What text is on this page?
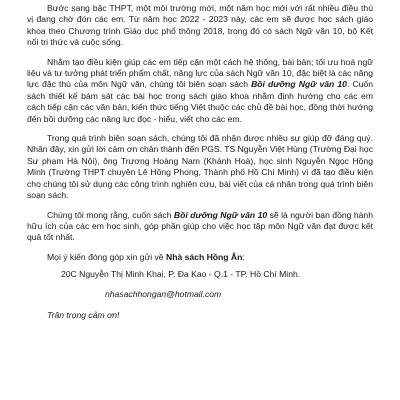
Bước sang bậc THPT, một môi trường mới, một năm học mới với rất nhiều điều thú vị đang chờ đón các em. Từ năm học 2022 - 2023 này, các em sẽ được học sách giáo khoa theo Chương trình Giáo dục phổ thông 2018, trong đó có sách Ngữ văn 10, bộ Kết nối tri thức và cuộc sống.

Nhằm tạo điều kiện giúp các em tiếp cận một cách hệ thống, bài bản; tối ưu hoá ngữ liệu và tư tưởng phát triển phẩm chất, năng lực của sách Ngữ văn 10, đặc biệt là các năng lực đặc thù của môn Ngữ văn, chúng tôi biên soạn sách Bồi dưỡng Ngữ văn 10. Cuốn sách thiết kế bám sát các bài học trong sách giáo khoa nhằm định hướng cho các em cách tiếp cận các văn bản, kiến thức tiếng Việt thuộc các chủ đề bài học, đồng thời hướng đến bồi dưỡng các năng lực đọc - hiểu, viết cho các em.

Trong quá trình biên soạn sách, chúng tôi đã nhận được nhiều sự giúp đỡ đáng quý. Nhân đây, xin gửi lời cảm ơn chân thành đến PGS. TS Nguyễn Việt Hùng (Trường Đại học Sư phạm Hà Nội), ông Trương Hoàng Nam (Khánh Hoà), học sinh Nguyễn Ngọc Hồng Minh (Trường THPT chuyên Lê Hồng Phong, Thành phố Hồ Chí Minh) vì đã tạo điều kiện cho chúng tôi sử dụng các công trình nghiên cứu, bài viết của cá nhân trong quá trình biên soạn sách.

Chúng tôi mong rằng, cuốn sách Bồi dưỡng Ngữ văn 10 sẽ là người bạn đồng hành hữu ích của các em học sinh, góp phần giúp cho việc học tập môn Ngữ văn đạt được kết quả tốt nhất.

Mọi ý kiến đóng góp xin gửi về Nhà sách Hồng Ân:

20C Nguyễn Thị Minh Khai, P. Đa Kao - Q.1 - TP. Hồ Chí Minh.

nhasachhongan@hotmail.com

Trân trọng cảm ơn!
